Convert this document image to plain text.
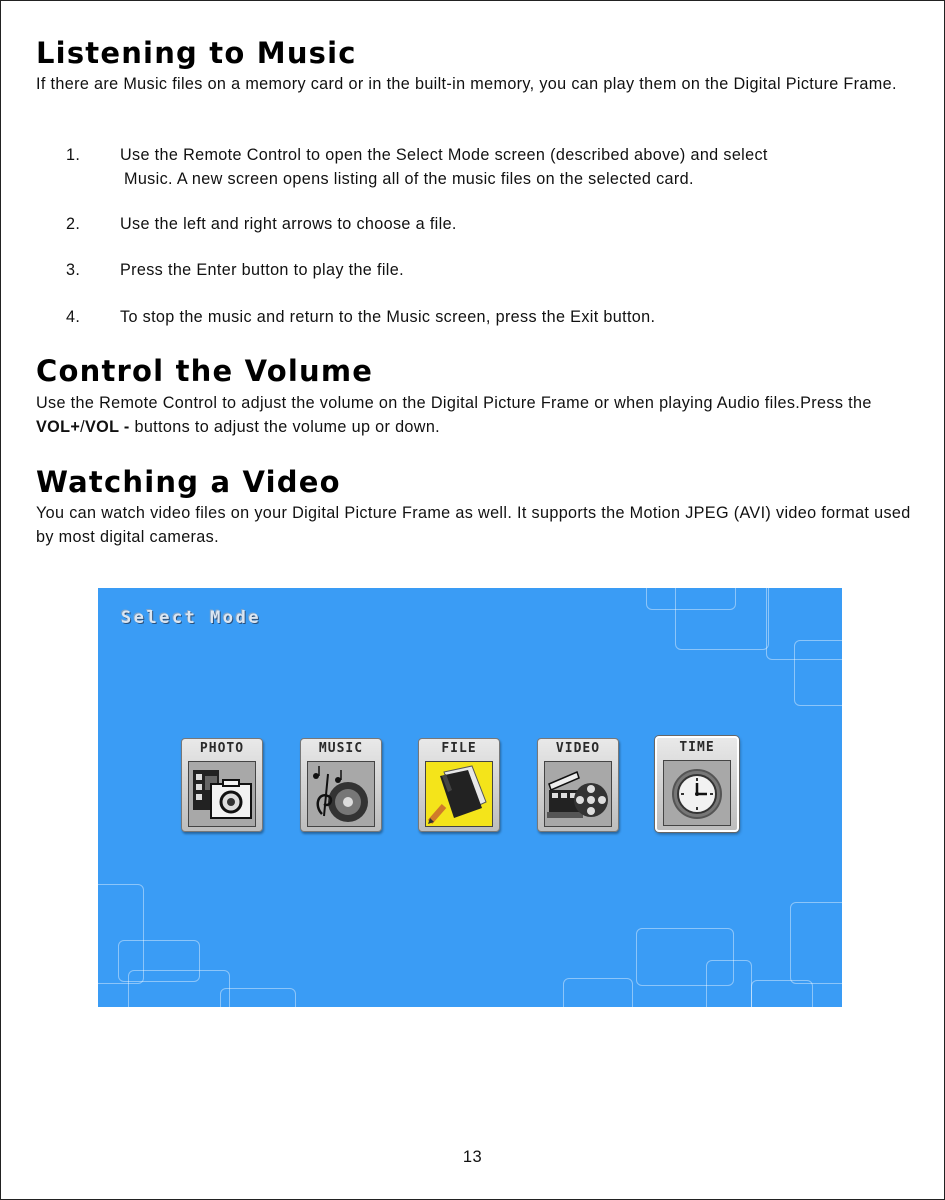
Listening to Music

If there are Music files on a memory card or in the built-in memory, you can play them on the Digital Picture Frame.

1. Use the Remote Control to open the Select Mode screen (described above) and select
Music. A new screen opens listing all of the music files on the selected card.
2. Use the left and right arrows to choose a file.
3. Press the Enter button to play the file.
4. To stop the music and return to the Music screen, press the Exit button.
Control the Volume

Use the Remote Control to adjust the volume on the Digital Picture Frame or when playing Audio files.Press the VOL+/VOL - buttons to adjust the volume up or down.

Watching a Video

You can watch video files on your Digital Picture Frame as well. It supports the Motion JPEG (AVI) video format used by most digital cameras.

Select Mode
PHOTO	MUSIC	FILE	VIDEO	TIME
13
